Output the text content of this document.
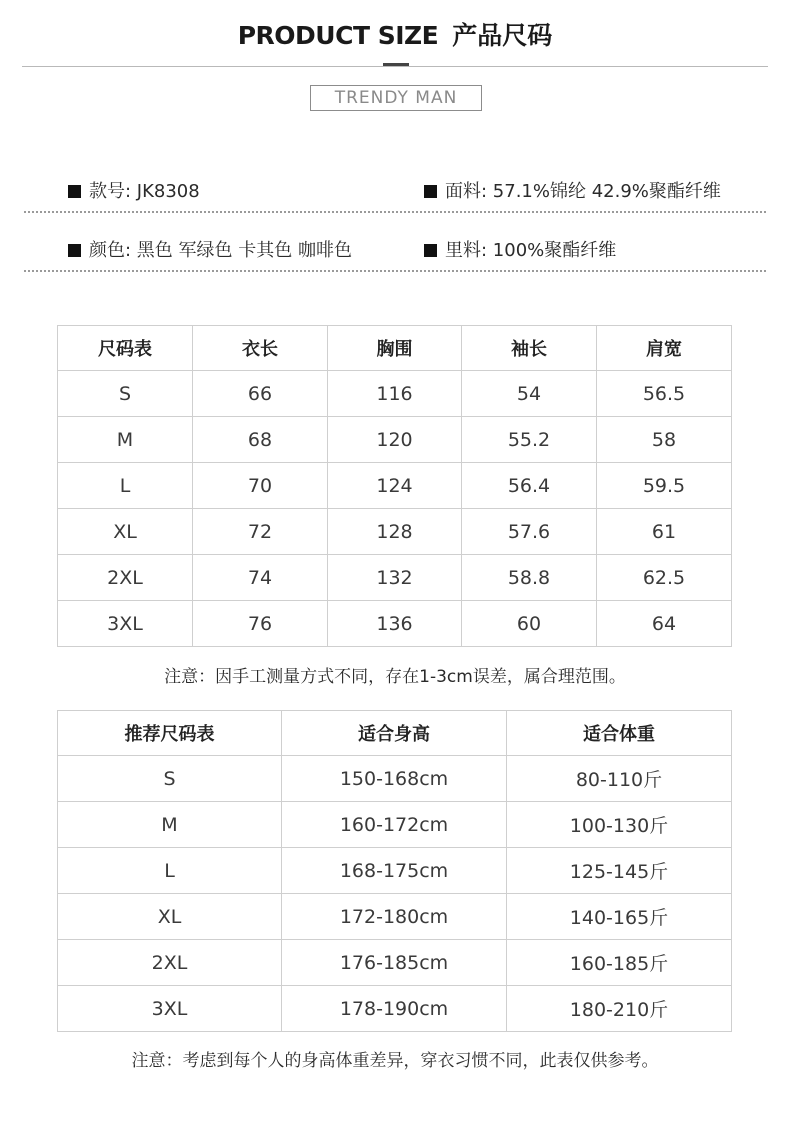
PRODUCT SIZE 产品尺码
TRENDY MAN
款号: JK8308	面料: 57.1%锦纶 42.9%聚酯纤维
颜色: 黑色 军绿色 卡其色 咖啡色	里料: 100%聚酯纤维
尺码表	衣长	胸围	袖长	肩宽
S	66	116	54	56.5
M	68	120	55.2	58
L	70	124	56.4	59.5
XL	72	128	57.6	61
2XL	74	132	58.8	62.5
3XL	76	136	60	64
注意：因手工测量方式不同，存在1-3cm误差，属合理范围。
推荐尺码表	适合身高	适合体重
S	150-168cm	80-110斤
M	160-172cm	100-130斤
L	168-175cm	125-145斤
XL	172-180cm	140-165斤
2XL	176-185cm	160-185斤
3XL	178-190cm	180-210斤
注意：考虑到每个人的身高体重差异，穿衣习惯不同，此表仅供参考。
